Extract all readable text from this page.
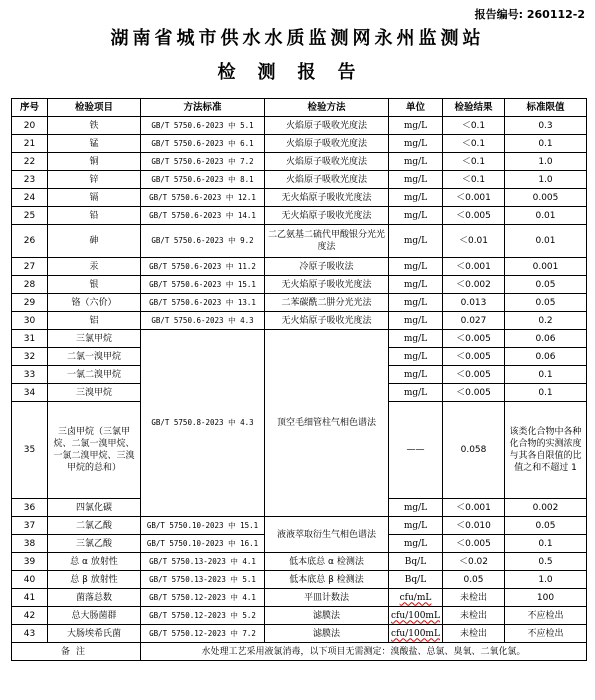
报告编号: 260112-2
湖南省城市供水水质监测网永州监测站
检测报告
序号	检验项目	方法标准	检验方法	单位	检验结果	标准限值
20	铁	GB/T 5750.6-2023 中 5.1	火焰原子吸收光度法	mg/L	＜0.1	0.3
21	锰	GB/T 5750.6-2023 中 6.1	火焰原子吸收光度法	mg/L	＜0.1	0.1
22	铜	GB/T 5750.6-2023 中 7.2	火焰原子吸收光度法	mg/L	＜0.1	1.0
23	锌	GB/T 5750.6-2023 中 8.1	火焰原子吸收光度法	mg/L	＜0.1	1.0
24	镉	GB/T 5750.6-2023 中 12.1	无火焰原子吸收光度法	mg/L	＜0.001	0.005
25	铅	GB/T 5750.6-2023 中 14.1	无火焰原子吸收光度法	mg/L	＜0.005	0.01
26	砷	GB/T 5750.6-2023 中 9.2	二乙氨基二硫代甲酸银分光光度法	mg/L	＜0.01	0.01
27	汞	GB/T 5750.6-2023 中 11.2	冷原子吸收法	mg/L	＜0.001	0.001
28	银	GB/T 5750.6-2023 中 15.1	无火焰原子吸收光度法	mg/L	＜0.002	0.05
29	铬（六价）	GB/T 5750.6-2023 中 13.1	二苯碳酰二肼分光光法	mg/L	0.013	0.05
30	铝	GB/T 5750.6-2023 中 4.3	无火焰原子吸收光度法	mg/L	0.027	0.2
31	三氯甲烷	GB/T 5750.8-2023 中 4.3	顶空毛细管柱气相色谱法	mg/L	＜0.005	0.06
32	二氯一溴甲烷			mg/L	＜0.005	0.06
33	一氯二溴甲烷			mg/L	＜0.005	0.1
34	三溴甲烷			mg/L	＜0.005	0.1
35	三卤甲烷（三氯甲烷、二氯一溴甲烷、一氯二溴甲烷、三溴甲烷的总和）			——	0.058	该类化合物中各种化合物的实测浓度与其各自限值的比值之和不超过 1
36	四氯化碳			mg/L	＜0.001	0.002
37	二氯乙酸	GB/T 5750.10-2023 中 15.1	液液萃取衍生气相色谱法	mg/L	＜0.010	0.05
38	三氯乙酸	GB/T 5750.10-2023 中 16.1		mg/L	＜0.005	0.1
39	总 α 放射性	GB/T 5750.13-2023 中 4.1	低本底总 α 检测法	Bq/L	＜0.02	0.5
40	总 β 放射性	GB/T 5750.13-2023 中 5.1	低本底总 β 检测法	Bq/L	0.05	1.0
41	菌落总数	GB/T 5750.12-2023 中 4.1	平皿计数法	cfu/mL	未检出	100
42	总大肠菌群	GB/T 5750.12-2023 中 5.2	滤膜法	cfu/100mL	未检出	不应检出
43	大肠埃希氏菌	GB/T 5750.12-2023 中 7.2	滤膜法	cfu/100mL	未检出	不应检出
备注		水处理工艺采用液氯消毒，以下项目无需测定：溴酸盐、总氯、臭氧、二氧化氯。				
